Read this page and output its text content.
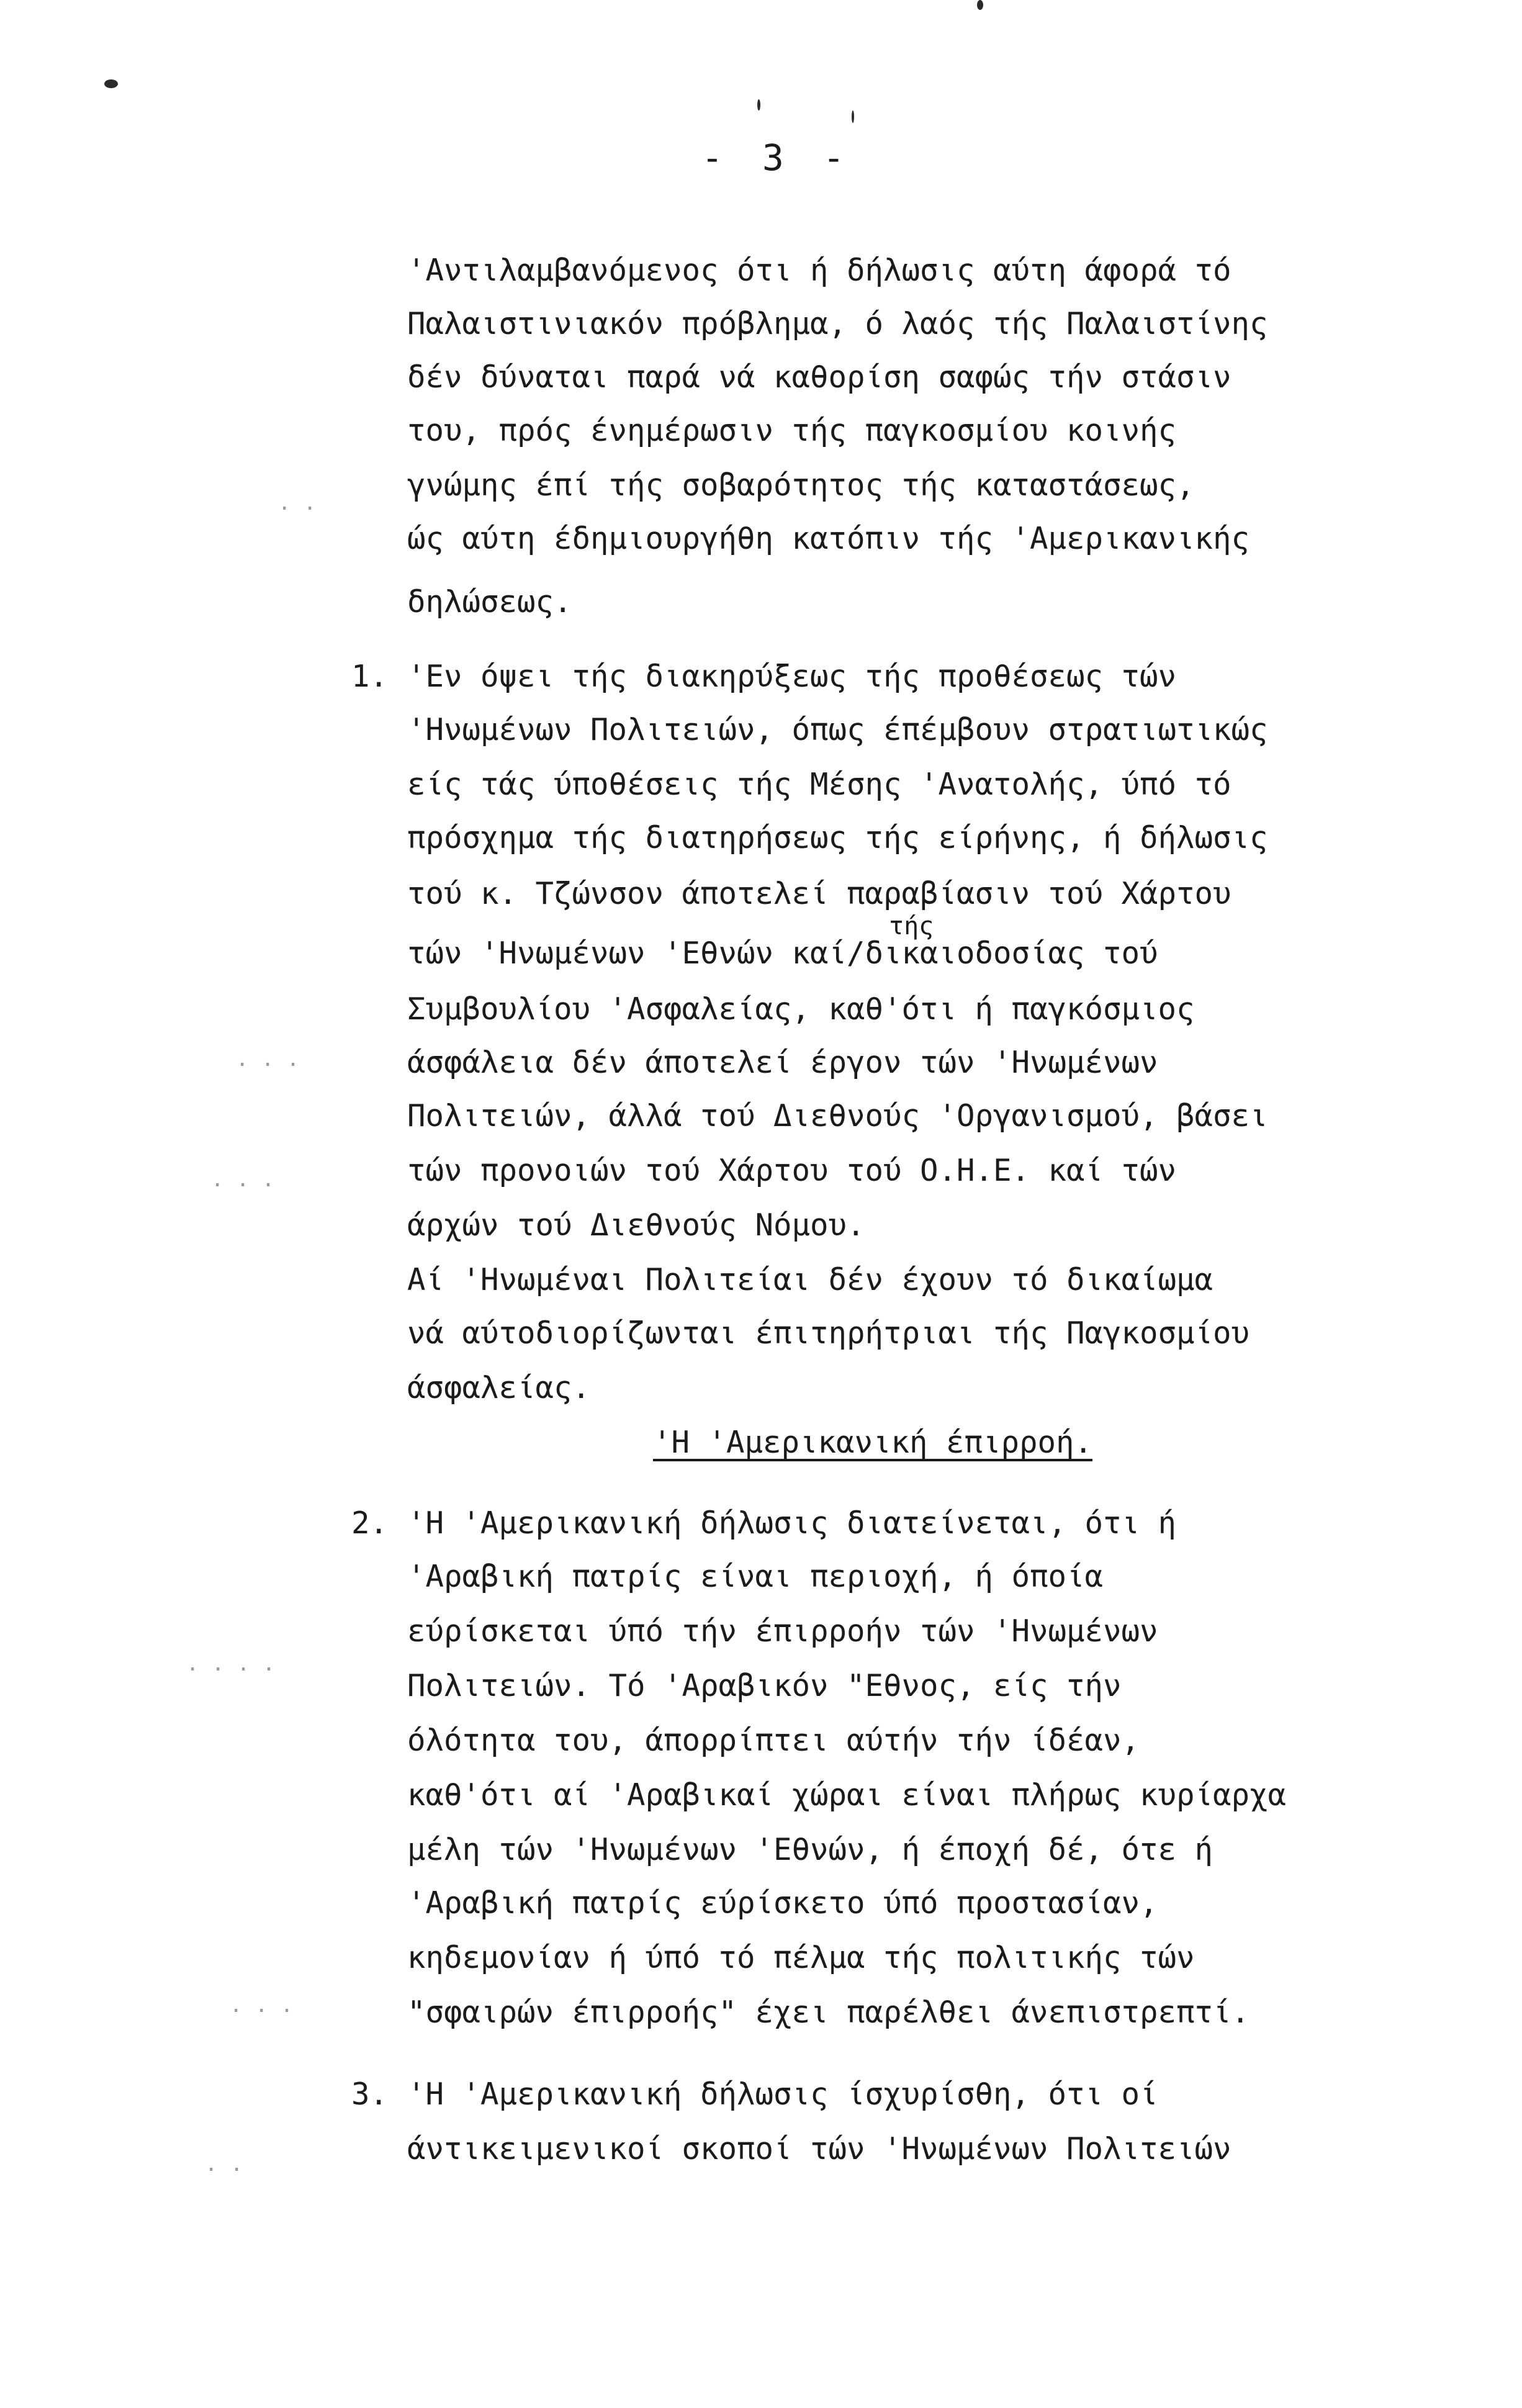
- 3 -
'Αντιλαμβανόμενος ότι ή δήλωσις αύτη άφορά τό
Παλαιστινιακόν πρόβλημα, ό λαός τής Παλαιστίνης
δέν δύναται παρά νά καθορίση σαφώς τήν στάσιν
του, πρός ένημέρωσιν τής παγκοσμίου κοινής
γνώμης έπί τής σοβαρότητος τής καταστάσεως,
ώς αύτη έδημιουργήθη κατόπιν τής 'Αμερικανικής
δηλώσεως.
1. 'Εν όψει τής διακηρύξεως τής προθέσεως τών
'Ηνωμένων Πολιτειών, όπως έπέμβουν στρατιωτικώς
είς τάς ύποθέσεις τής Μέσης 'Ανατολής, ύπό τό
πρόσχημα τής διατηρήσεως τής είρήνης, ή δήλωσις
τού κ. Τζώνσον άποτελεί παραβίασιν τού Χάρτου
τής
τών 'Ηνωμένων 'Εθνών καί/δικαιοδοσίας τού
Συμβουλίου 'Ασφαλείας, καθ'ότι ή παγκόσμιος
άσφάλεια δέν άποτελεί έργον τών 'Ηνωμένων
Πολιτειών, άλλά τού Διεθνούς 'Οργανισμού, βάσει
τών προνοιών τού Χάρτου τού Ο.Η.Ε. καί τών
άρχών τού Διεθνούς Νόμου.
Αί 'Ηνωμέναι Πολιτείαι δέν έχουν τό δικαίωμα
νά αύτοδιορίζωνται έπιτηρήτριαι τής Παγκοσμίου
άσφαλείας.
'Η 'Αμερικανική έπιρροή.
2. 'Η 'Αμερικανική δήλωσις διατείνεται, ότι ή
'Αραβική πατρίς είναι περιοχή, ή όποία
εύρίσκεται ύπό τήν έπιρροήν τών 'Ηνωμένων
Πολιτειών. Τό 'Αραβικόν "Εθνος, είς τήν
όλότητα του, άπορρίπτει αύτήν τήν ίδέαν,
καθ'ότι αί 'Αραβικαί χώραι είναι πλήρως κυρίαρχα
μέλη τών 'Ηνωμένων 'Εθνών, ή έποχή δέ, ότε ή
'Αραβική πατρίς εύρίσκετο ύπό προστασίαν,
κηδεμονίαν ή ύπό τό πέλμα τής πολιτικής τών
"σφαιρών έπιρροής" έχει παρέλθει άνεπιστρεπτί.
3. 'Η 'Αμερικανική δήλωσις ίσχυρίσθη, ότι οί
άντικειμενικοί σκοποί τών 'Ηνωμένων Πολιτειών
. .
. . .
. . .
. . . .
. . .
. .
